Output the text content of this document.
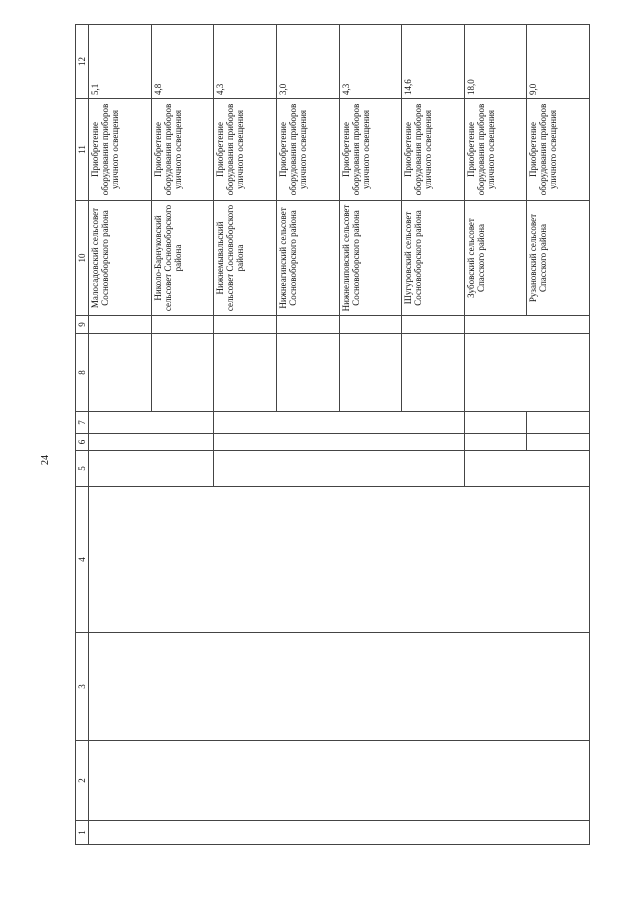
24
1	2	3	4	5	6	7	8	9	10	11	12
									Малосадовский сельсовет Сосновоборского района	Приобретение оборудования приборов уличного освещения	5,1
									Николо-Барнуковский сельсовет Сосновоборского района	Приобретение оборудования приборов уличного освещения	4,8
									Нижнемывальский сельсовет Сосновоборского района	Приобретение оборудования приборов уличного освещения	4,3
									Нижнеагинский сельсовет Сосновоборского района	Приобретение оборудования приборов уличного освещения	3,0
									Нижнелиповский сельсовет Сосновоборского района	Приобретение оборудования приборов уличного освещения	4,3
									Шугуровский сельсовет Сосновоборского района	Приобретение оборудования приборов уличного освещения	14,6
									Зубовский сельсовет Спасского района	Приобретение оборудования приборов уличного освещения	18,0
									Рузановский сельсовет Спасского района	Приобретение оборудования приборов уличного освещения	9,0
